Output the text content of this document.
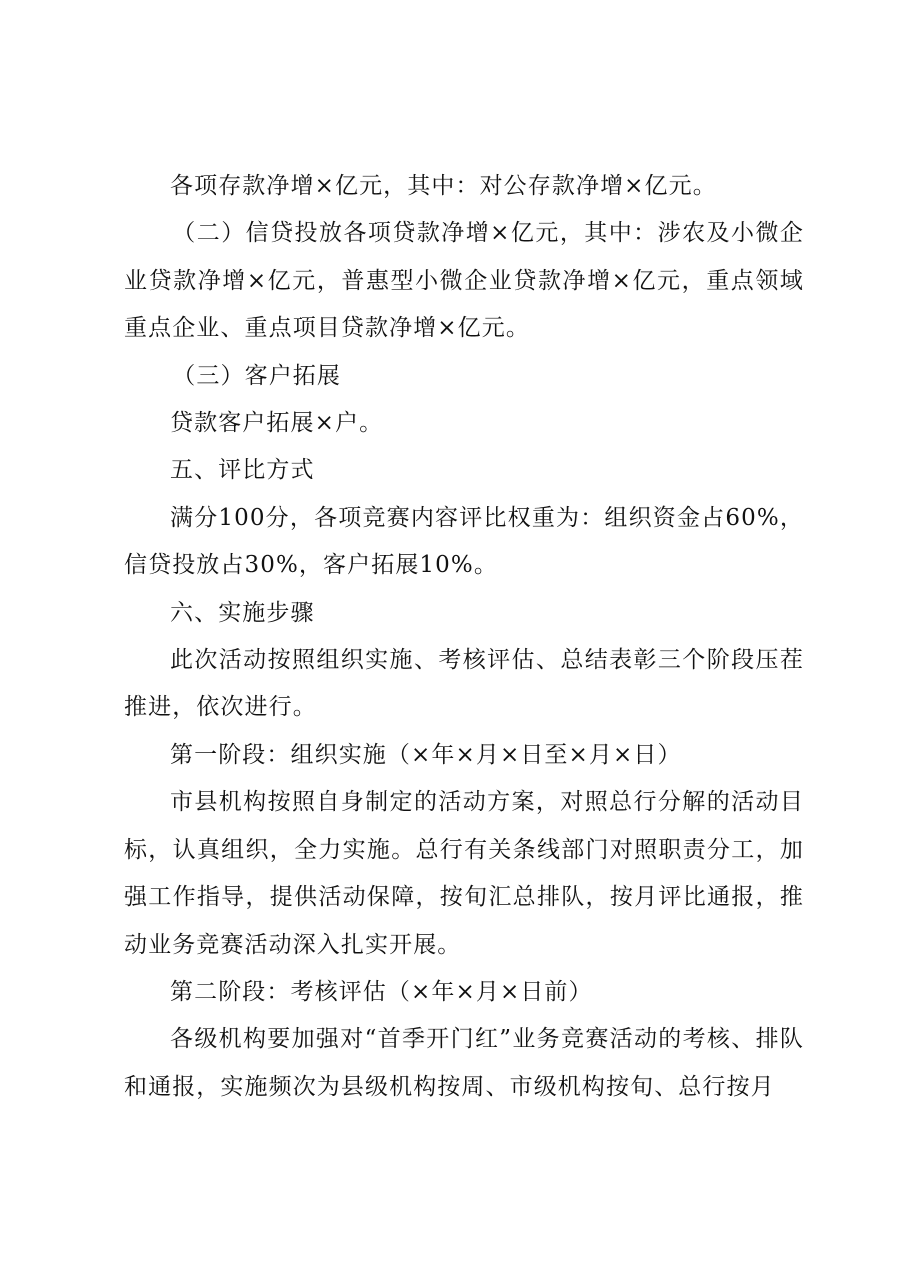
各项存款净增×亿元，其中：对公存款净增×亿元。

（二）信贷投放各项贷款净增×亿元，其中：涉农及小微企业贷款净增×亿元，普惠型小微企业贷款净增×亿元，重点领域重点企业、重点项目贷款净增×亿元。

（三）客户拓展

贷款客户拓展×户。

五、评比方式

满分100分，各项竞赛内容评比权重为：组织资金占60%，信贷投放占30%，客户拓展10%。

六、实施步骤

此次活动按照组织实施、考核评估、总结表彰三个阶段压茬推进，依次进行。

第一阶段：组织实施（×年×月×日至×月×日）

市县机构按照自身制定的活动方案，对照总行分解的活动目标，认真组织，全力实施。总行有关条线部门对照职责分工，加强工作指导，提供活动保障，按旬汇总排队，按月评比通报，推动业务竞赛活动深入扎实开展。

第二阶段：考核评估（×年×月×日前）

各级机构要加强对“首季开门红”业务竞赛活动的考核、排队和通报，实施频次为县级机构按周、市级机构按旬、总行按月
